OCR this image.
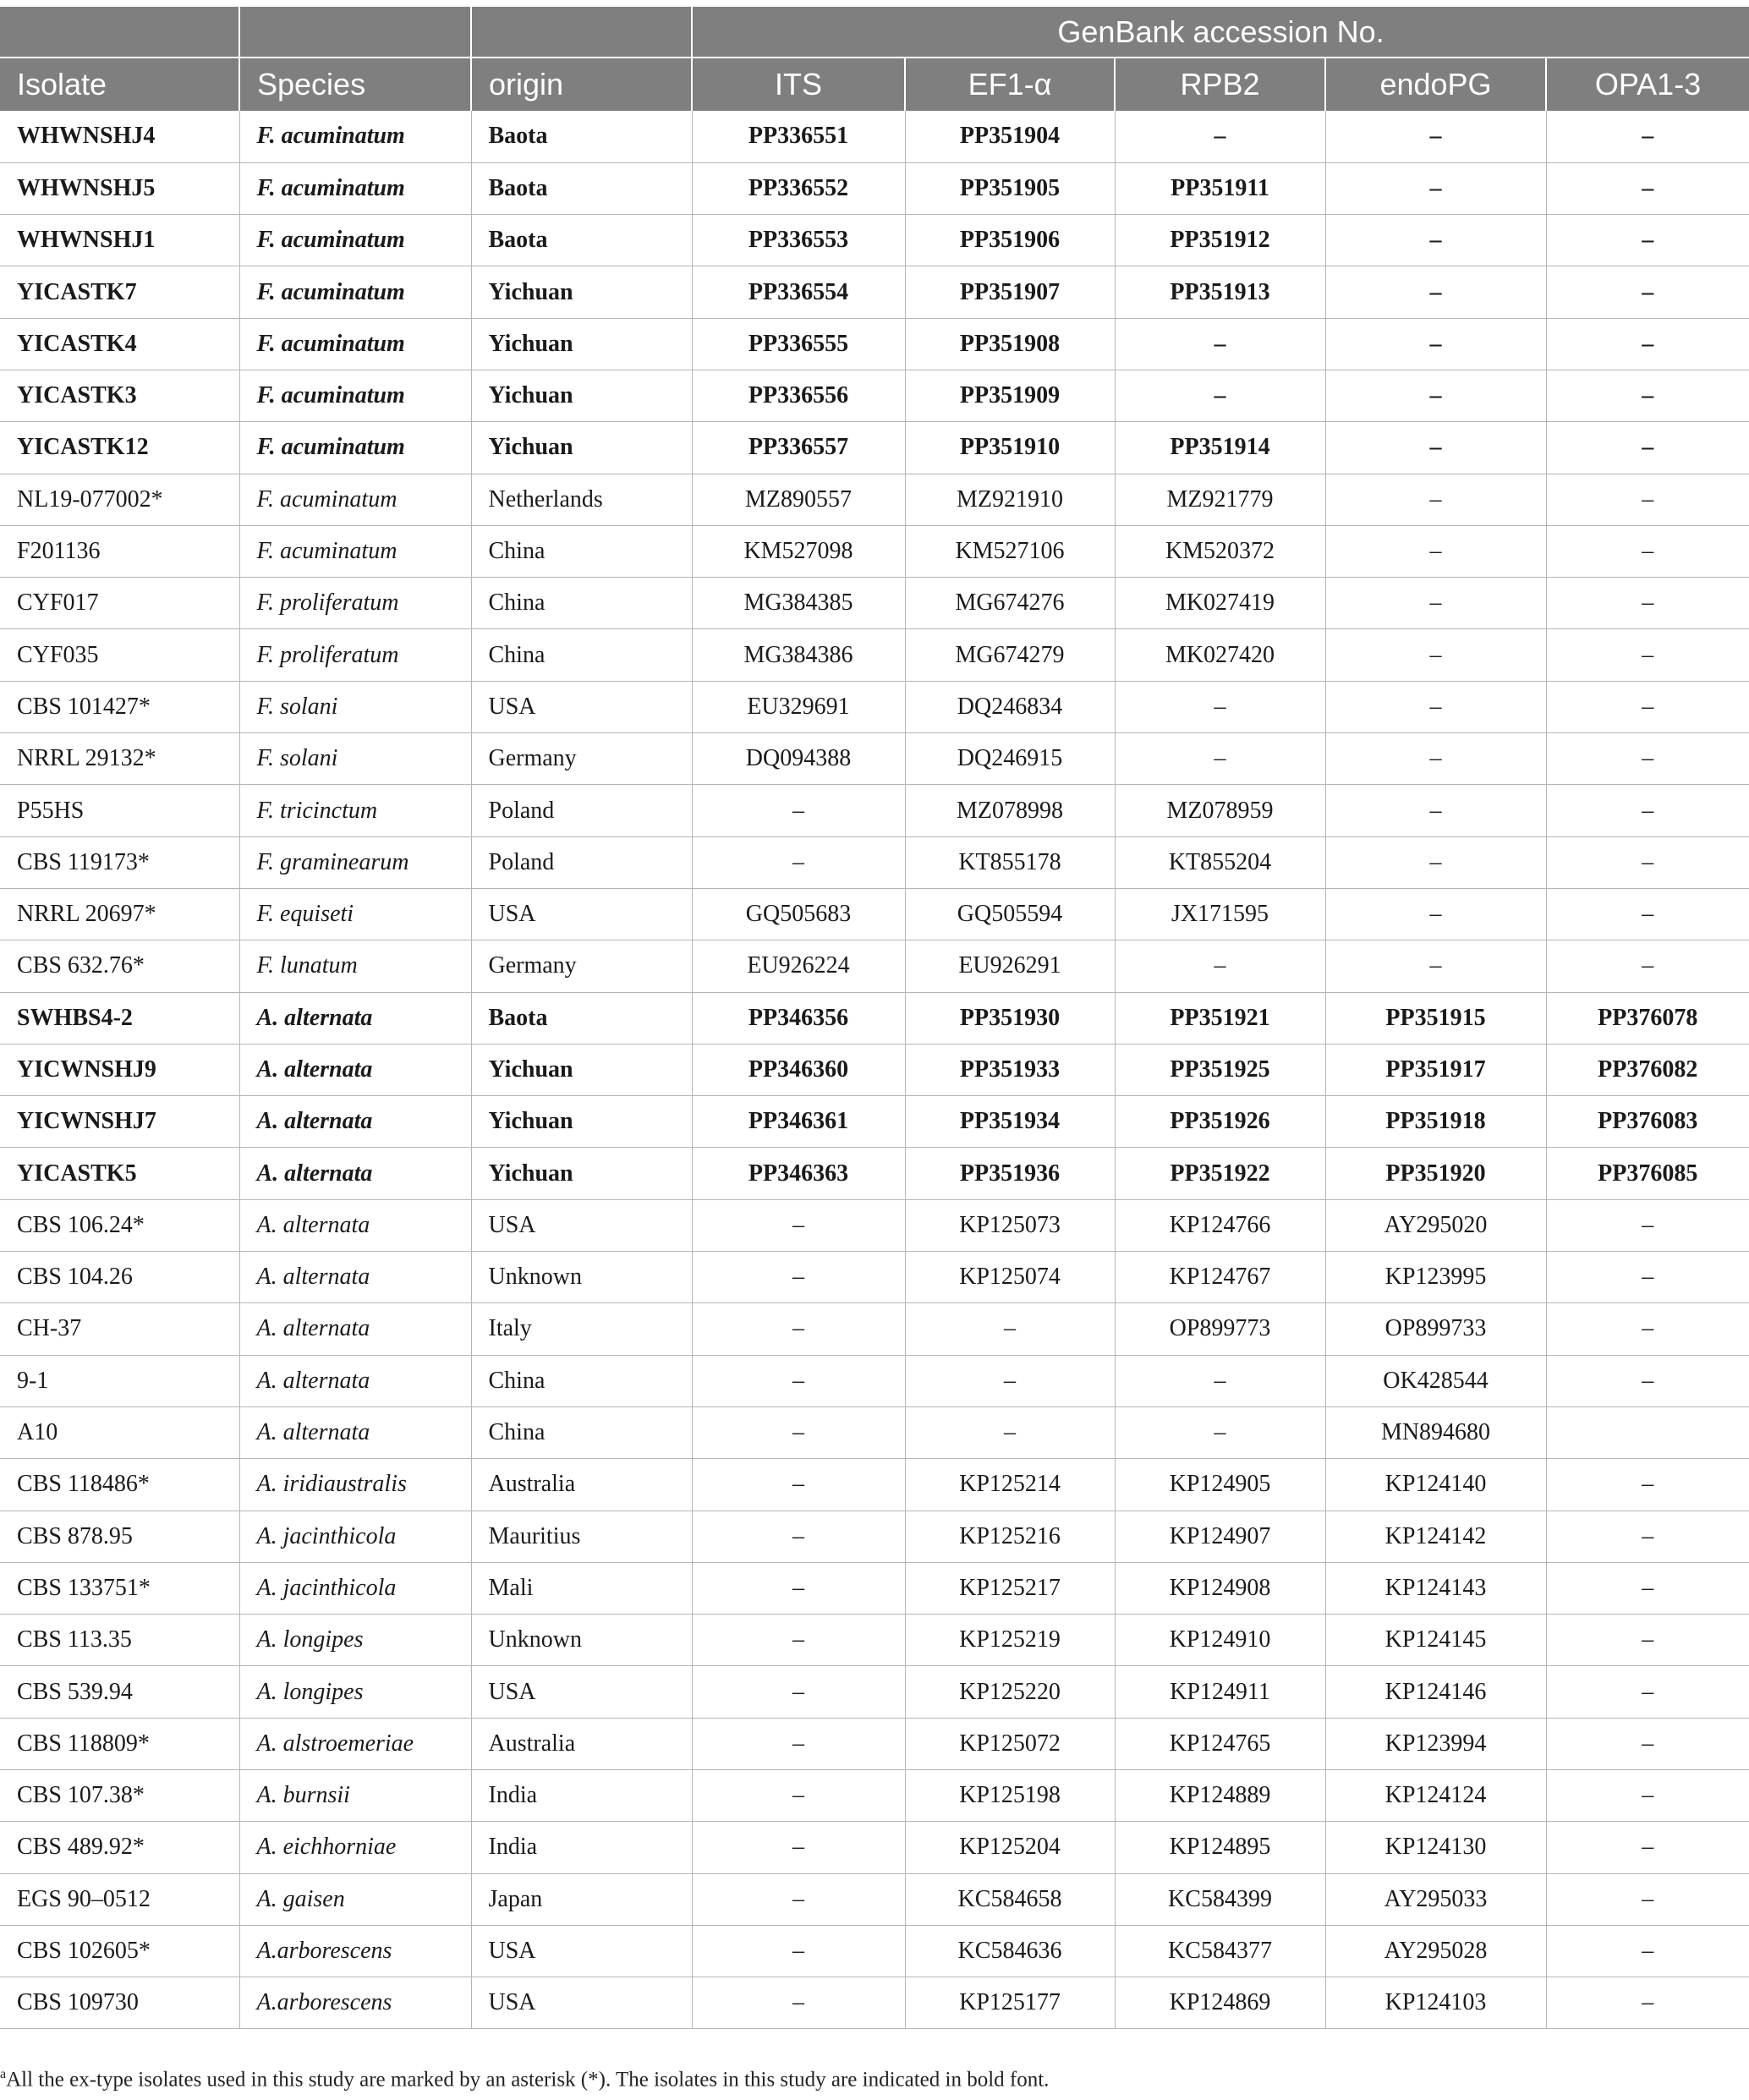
			GenBank accession No.				
Isolate	Species	origin	ITS	EF1-α	RPB2	endoPG	OPA1-3
WHWNSHJ4	F. acuminatum	Baota	PP336551	PP351904	–	–	–
WHWNSHJ5	F. acuminatum	Baota	PP336552	PP351905	PP351911	–	–
WHWNSHJ1	F. acuminatum	Baota	PP336553	PP351906	PP351912	–	–
YICASTK7	F. acuminatum	Yichuan	PP336554	PP351907	PP351913	–	–
YICASTK4	F. acuminatum	Yichuan	PP336555	PP351908	–	–	–
YICASTK3	F. acuminatum	Yichuan	PP336556	PP351909	–	–	–
YICASTK12	F. acuminatum	Yichuan	PP336557	PP351910	PP351914	–	–
NL19-077002*	F. acuminatum	Netherlands	MZ890557	MZ921910	MZ921779	–	–
F201136	F. acuminatum	China	KM527098	KM527106	KM520372	–	–
CYF017	F. proliferatum	China	MG384385	MG674276	MK027419	–	–
CYF035	F. proliferatum	China	MG384386	MG674279	MK027420	–	–
CBS 101427*	F. solani	USA	EU329691	DQ246834	–	–	–
NRRL 29132*	F. solani	Germany	DQ094388	DQ246915	–	–	–
P55HS	F. tricinctum	Poland	–	MZ078998	MZ078959	–	–
CBS 119173*	F. graminearum	Poland	–	KT855178	KT855204	–	–
NRRL 20697*	F. equiseti	USA	GQ505683	GQ505594	JX171595	–	–
CBS 632.76*	F. lunatum	Germany	EU926224	EU926291	–	–	–
SWHBS4-2	A. alternata	Baota	PP346356	PP351930	PP351921	PP351915	PP376078
YICWNSHJ9	A. alternata	Yichuan	PP346360	PP351933	PP351925	PP351917	PP376082
YICWNSHJ7	A. alternata	Yichuan	PP346361	PP351934	PP351926	PP351918	PP376083
YICASTK5	A. alternata	Yichuan	PP346363	PP351936	PP351922	PP351920	PP376085
CBS 106.24*	A. alternata	USA	–	KP125073	KP124766	AY295020	–
CBS 104.26	A. alternata	Unknown	–	KP125074	KP124767	KP123995	–
CH-37	A. alternata	Italy	–	–	OP899773	OP899733	–
9-1	A. alternata	China	–	–	–	OK428544	–
A10	A. alternata	China	–	–	–	MN894680	
CBS 118486*	A. iridiaustralis	Australia	–	KP125214	KP124905	KP124140	–
CBS 878.95	A. jacinthicola	Mauritius	–	KP125216	KP124907	KP124142	–
CBS 133751*	A. jacinthicola	Mali	–	KP125217	KP124908	KP124143	–
CBS 113.35	A. longipes	Unknown	–	KP125219	KP124910	KP124145	–
CBS 539.94	A. longipes	USA	–	KP125220	KP124911	KP124146	–
CBS 118809*	A. alstroemeriae	Australia	–	KP125072	KP124765	KP123994	–
CBS 107.38*	A. burnsii	India	–	KP125198	KP124889	KP124124	–
CBS 489.92*	A. eichhorniae	India	–	KP125204	KP124895	KP124130	–
EGS 90–0512	A. gaisen	Japan	–	KC584658	KC584399	AY295033	–
CBS 102605*	A.arborescens	USA	–	KC584636	KC584377	AY295028	–
CBS 109730	A.arborescens	USA	–	KP125177	KP124869	KP124103	–
$^a$All the ex-type isolates used in this study are marked by an asterisk (*). The isolates in this study are indicated in bold font.
